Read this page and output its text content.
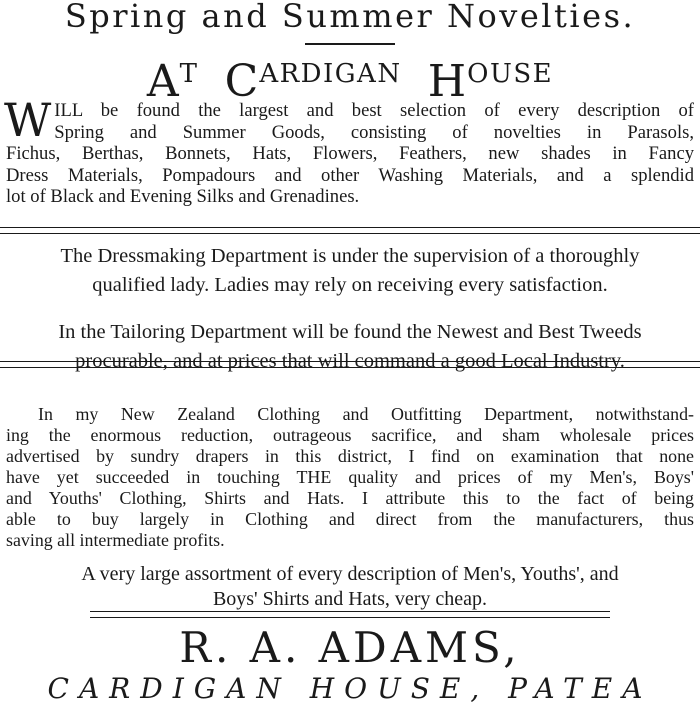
Spring and Summer Novelties.
$A^T$ $C^{ARDIGAN}$ $H^{OUSE}$
W ILL be found the largest and best selection of every description of
Spring and Summer Goods, consisting of novelties in Parasols,
Fichus, Berthas, Bonnets, Hats, Flowers, Feathers, new shades in Fancy
Dress Materials, Pompadours and other Washing Materials, and a splendid
lot of Black and Evening Silks and Grenadines.
The Dressmaking Department is under the supervision of a thoroughly
qualified lady. Ladies may rely on receiving every satisfaction.
In the Tailoring Department will be found the Newest and Best Tweeds
procurable, and at prices that will command a good Local Industry.
In my New Zealand Clothing and Outfitting Department, notwithstand-
ing the enormous reduction, outrageous sacrifice, and sham wholesale prices
advertised by sundry drapers in this district, I find on examination that none
have yet succeeded in touching THE quality and prices of my Men's, Boys'
and Youths' Clothing, Shirts and Hats. I attribute this to the fact of being
able to buy largely in Clothing and direct from the manufacturers, thus
saving all intermediate profits.
A very large assortment of every description of Men's, Youths', and
Boys' Shirts and Hats, very cheap.
R. A. ADAMS,
CARDIGAN HOUSE, PATEA
